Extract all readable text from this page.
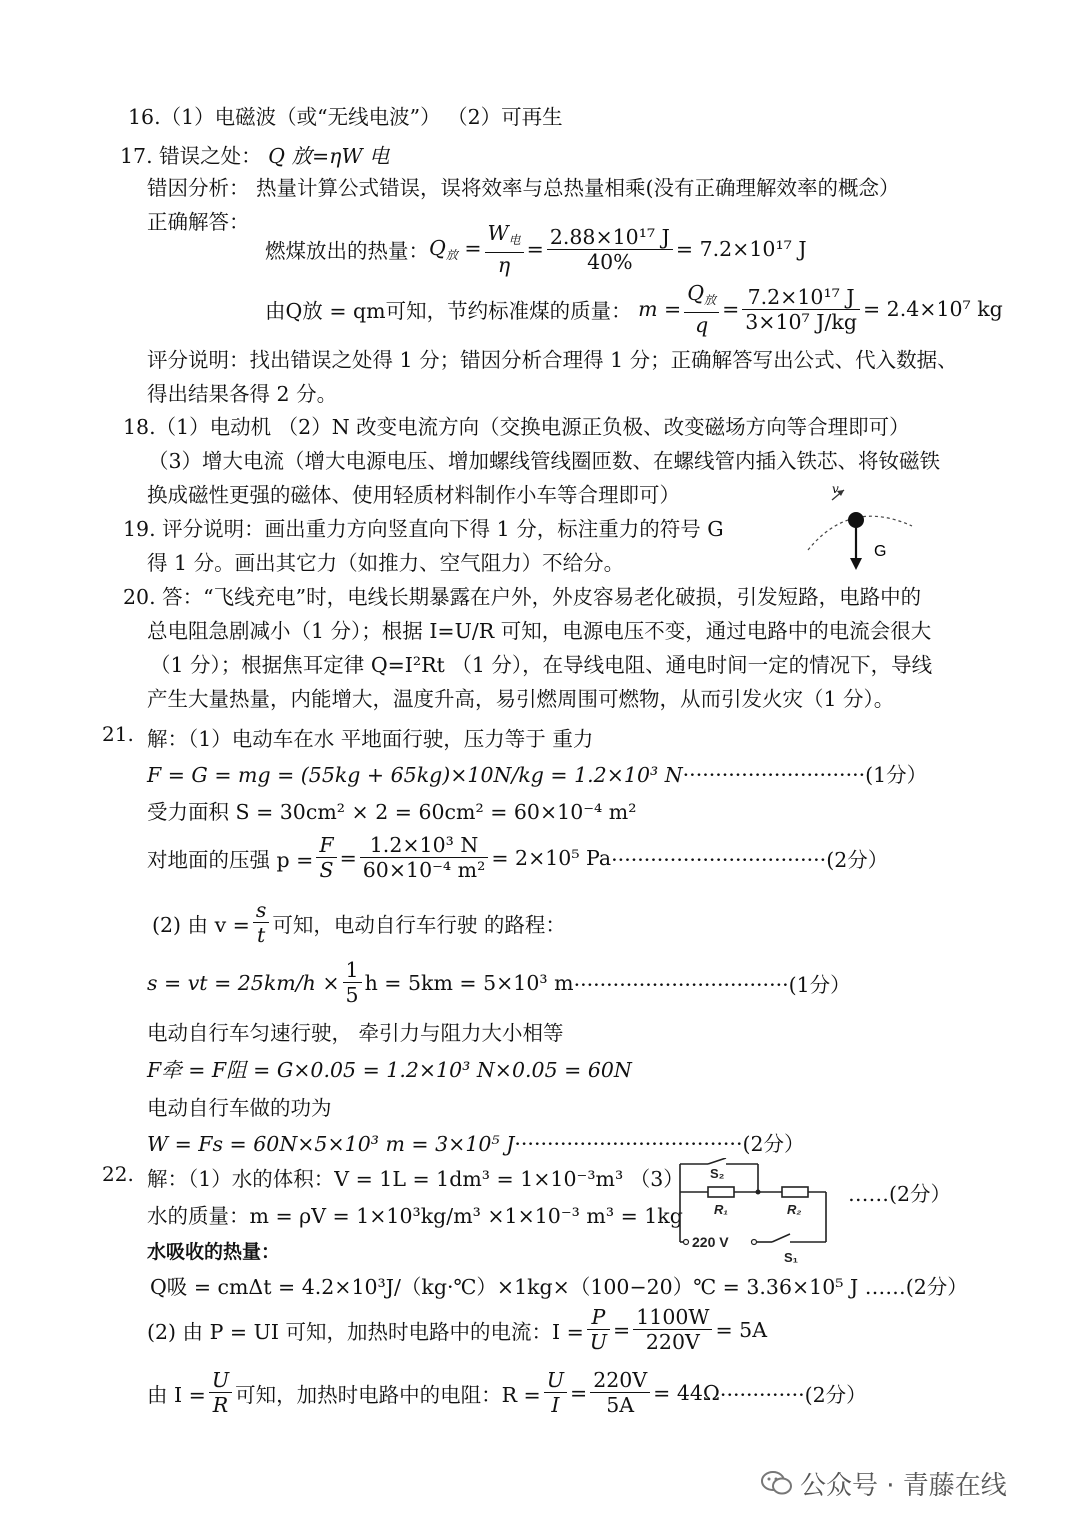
16.（1）电磁波（或“无线电波”） （2）可再生
17. 错误之处： Q 放=ηW 电
错因分析： 热量计算公式错误，误将效率与总热量相乘(没有正确理解效率的概念）
正确解答：
燃煤放出的热量： $Q_放 = \frac{W_电}{\eta} = \frac{\text{2.88×10¹⁷ J}}{40\%} = 7.2\times 10^{17}$ J
由Q放 = qm可知，节约标准煤的质量： $m = \frac{Q_放}{q} = \frac{\text{7.2×10¹⁷ J}}{\text{3×10⁷ J/kg}} = 2.4\times 10^7$ kg
评分说明：找出错误之处得 1 分；错因分析合理得 1 分；正确解答写出公式、代入数据、
得出结果各得 2 分。
18.（1）电动机 （2）N 改变电流方向（交换电源正负极、改变磁场方向等合理即可）
（3）增大电流（增大电源电压、增加螺线管线圈匝数、在螺线管内插入铁芯、将钕磁铁
换成磁性更强的磁体、使用轻质材料制作小车等合理即可）
19. 评分说明：画出重力方向竖直向下得 1 分，标注重力的符号 G
得 1 分。画出其它力（如推力、空气阻力）不给分。
v
G
20. 答：“飞线充电”时，电线长期暴露在户外，外皮容易老化破损，引发短路，电路中的
总电阻急剧减小（1 分）；根据 I=U/R 可知，电源电压不变，通过电路中的电流会很大
（1 分）；根据焦耳定律 Q=I²Rt （1 分），在导线电阻、通电时间一定的情况下，导线
产生大量热量，内能增大，温度升高，易引燃周围可燃物，从而引发火灾（1 分）。
21. 解：（1）电动车在水 平地面行驶，压力等于 重力
F = G = mg = (55kg + 65kg)×10N/kg = 1.2×10³ N····························(1分）
受力面积 S = 30cm² × 2 = 60cm² = 60×10⁻⁴ m²
对地面的压强 $p = \frac{F}{S} = \frac{\text{1.2×10³ N}}{\text{60×10⁻⁴ m²}} = 2\times 10^5$ Pa ·································(2分）
(2) 由 $v = \frac{s}{t}$ 可知，电动自行车行驶 的路程：
s = vt = $25km/h \times \frac{1}{5}$ h = 5km = 5×10³ m ·································(1分）
电动自行车匀速行驶， 牵引力与阻力大小相等
F牵 = F阻 = G×0.05 = 1.2×10³ N×0.05 = 60N
电动自行车做的功为
W = Fs = 60N×5×10³ m = 3×10⁵ J···································(2分）
22. 解：（1）水的体积：V = 1L = 1dm³ = 1×10⁻³m³ （3）
……(2分）
水的质量：m = ρV = 1×10³kg/m³ ×1×10⁻³ m³ = 1kg
水吸收的热量：
Q吸 = cmΔt = 4.2×10³J/（kg·℃）×1kg×（100−20）℃ = 3.36×10⁵ J ……(2分）
(2) 由 P = UI 可知，加热时电路中的电流：$I = \frac{P}{U} = \frac{1100W}{220V} = 5A$
由 $I = \frac{U}{R}$ 可知，加热时电路中的电阻：$R = \frac{U}{I} = \frac{220V}{5A} = 44\Omega \cdot\cdot\cdot\cdot\cdot\cdot\cdot\cdot\cdot\cdot\cdot\cdot\cdot(2$分）
S₂
R₁	R₂
220 V
S₁
公众号 · 青藤在线
